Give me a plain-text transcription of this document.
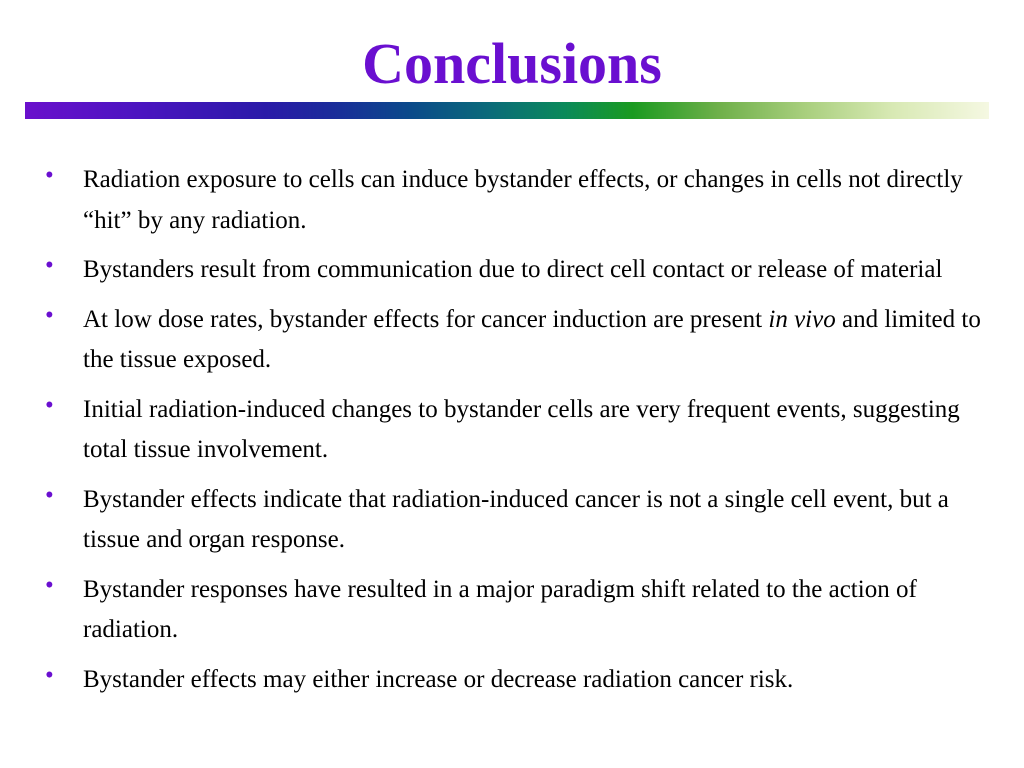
Conclusions
• Radiation exposure to cells can induce bystander effects, or changes in cells not directly “hit” by any radiation.
• Bystanders result from communication due to direct cell contact or release of material
• At low dose rates, bystander effects for cancer induction are present in vivo and limited to the tissue exposed.
• Initial radiation-induced changes to bystander cells are very frequent events, suggesting total tissue involvement.
• Bystander effects indicate that radiation-induced cancer is not a single cell event, but a tissue and organ response.
• Bystander responses have resulted in a major paradigm shift related to the action of radiation.
• Bystander effects may either increase or decrease radiation cancer risk.
